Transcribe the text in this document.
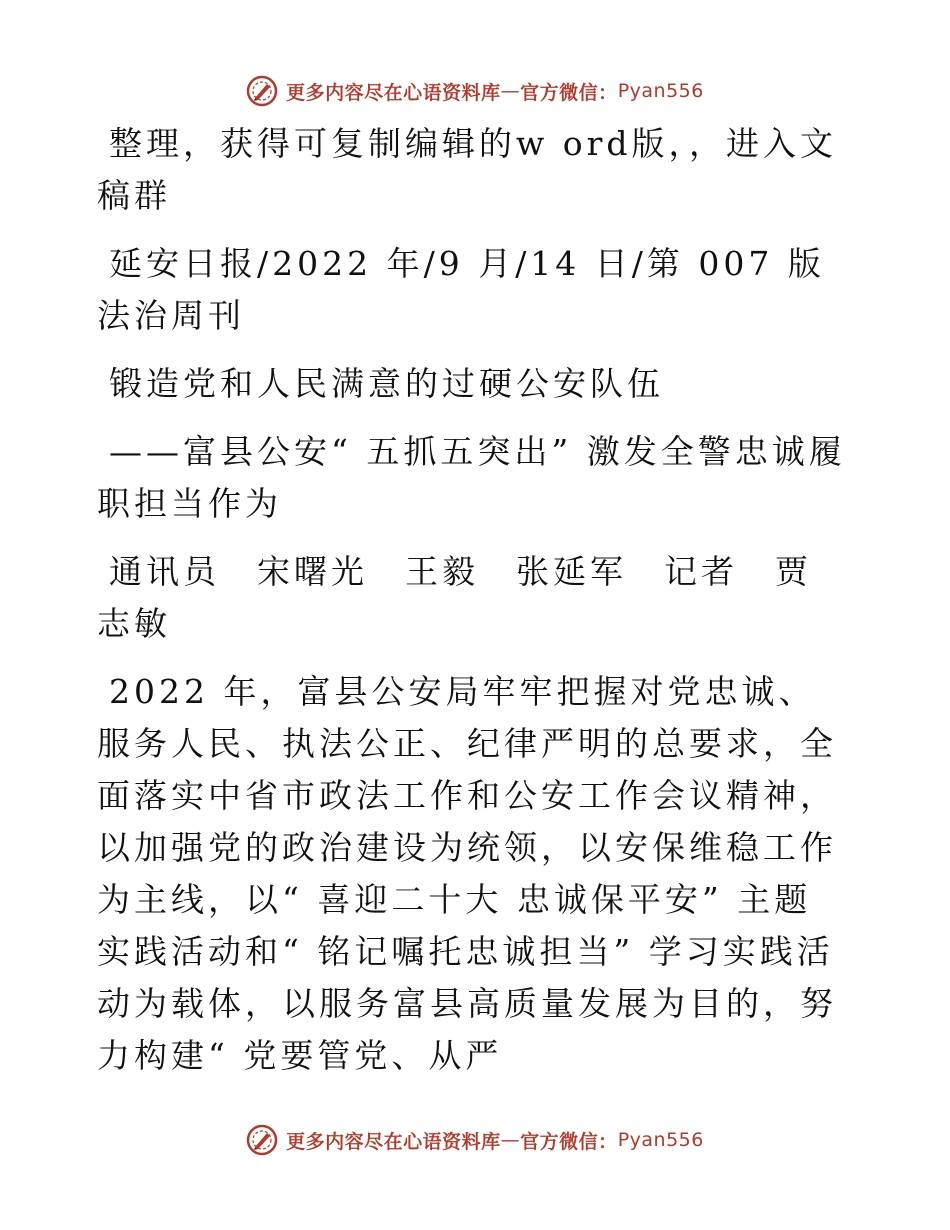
更多内容尽在心语资料库 — 官方微信： Pyan556

整理，获得可复制编辑的w ord版，，进入文稿群

延安日报/2022 年/9 月/14 日/第 007 版法治周刊

锻造党和人民满意的过硬公安队伍

——富县公安“ 五抓五突出” 激发全警忠诚履职担当作为

通讯员　宋曙光　王毅　张延军　记者　贾志敏

2022 年，富县公安局牢牢把握对党忠诚、服务人民、执法公正、纪律严明的总要求，全面落实中省市政法工作和公安工作会议精神，以加强党的政治建设为统领，以安保维稳工作为主线，以“ 喜迎二十大 忠诚保平安” 主题实践活动和“ 铭记嘱托忠诚担当” 学习实践活动为载体，以服务富县高质量发展为目的，努力构建“ 党要管党、从严

更多内容尽在心语资料库 — 官方微信： Pyan556
